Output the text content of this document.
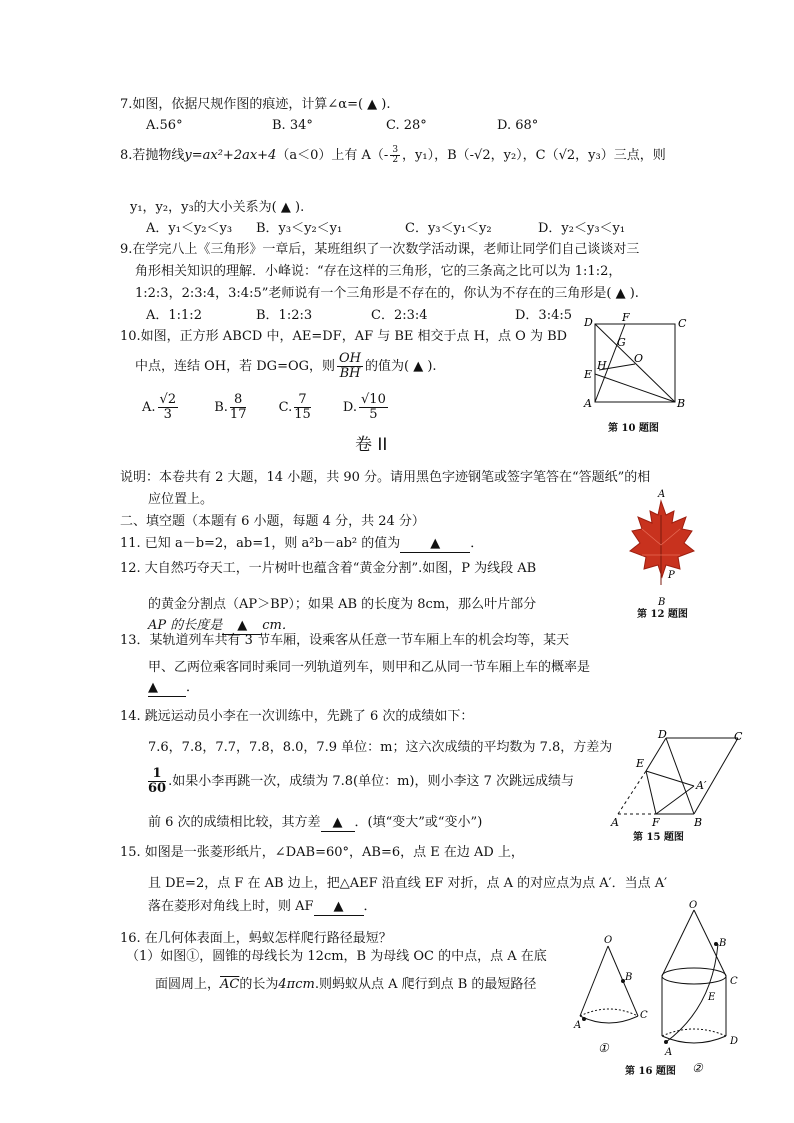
7.如图，依据尺规作图的痕迹，计算∠α=( ▲ ).
A.56°	B. 34°	C. 28°	D. 68°
8.若抛物线y=ax²+2ax+4（a＜0）上有 $A(- \frac{3}{2}$ ，y₁），B（-√2，y₂），C（√2，y₃）三点，则
y₁，y₂，y₃的大小关系为( ▲ ).
A．y₁＜y₂＜y₃ B．y₃＜y₂＜y₁	C．y₃＜y₁＜y₂	D．y₂＜y₃＜y₁
9.在学完八上《三角形》一章后，某班组织了一次数学活动课，老师让同学们自己谈谈对三
角形相关知识的理解．小峰说：“存在这样的三角形，它的三条高之比可以为 1:1:2，
1:2:3，2:3:4，3:4:5”老师说有一个三角形是不存在的，你认为不存在的三角形是( ▲ ).
A．1:1:2	B．1:2:3	C．2:3:4	D．3:4:5
10.如图，正方形 ABCD 中，AE=DF，AF 与 BE 相交于点 H，点 O 为 BD
中点，连结 OH，若 DG=OG，则 $\frac{OH}{BH}$ 的值为( ▲ ).
A. $\frac{√2}{3}$	B. $\frac{8}{17} C$. $\frac{7}{15} D$. $\frac{√10}{5}$
D	F	C
G
O
H
E
A	B
第 10 题图
卷 II
说明：本卷共有 2 大题，14 小题，共 90 分。请用黑色字迹钢笔或签字笔答在“答题纸”的相
应位置上。
二、填空题（本题有 6 小题，每题 4 分，共 24 分）
11. 已知 a－b=2，ab=1，则 a²b－ab² 的值为 ▲ ．
12. 大自然巧夺天工，一片树叶也蕴含着“黄金分割”.如图，P 为线段 AB
的黄金分割点（AP＞BP）；如果 AB 的长度为 8cm，那么叶片部分
AP 的长度是 ▲ cm．
A
P
B
第 12 题图
13．某轨道列车共有 3 节车厢，设乘客从任意一节车厢上车的机会均等，某天
甲、乙两位乘客同时乘同一列轨道列车，则甲和乙从同一节车厢上车的概率是
▲ ．
14. 跳远运动员小李在一次训练中，先跳了 6 次的成绩如下：
7.6，7.8，7.7，7.8，8.0，7.9 单位：m；这六次成绩的平均数为 7.8，方差为
$\frac{1}{60}$ .如果小李再跳一次，成绩为 7.8(单位：m)，则小李这 7 次跳远成绩与
前 6 次的成绩相比较，其方差 ▲ ．(填“变大”或“变小”)
D	C
E
A′
A	F	B
第 15 题图
15. 如图是一张菱形纸片，∠DAB=60°，AB=6，点 E 在边 AD 上，
且 DE=2，点 F 在 AB 边上，把△AEF 沿直线 EF 对折，点 A 的对应点为点 A′．当点 A′
落在菱形对角线上时，则 AF ▲ ．
16. 在几何体表面上，蚂蚁怎样爬行路径最短？
（1）如图①，圆锥的母线长为 12cm，B 为母线 OC 的中点，点 A 在底
面圆周上，$\overline{AC}$的长为4πcm.则蚂蚁从点 A 爬行到点 B 的最短路径
O
B
C
A
①
O
B
E
C
D
A
②
第 16 题图
